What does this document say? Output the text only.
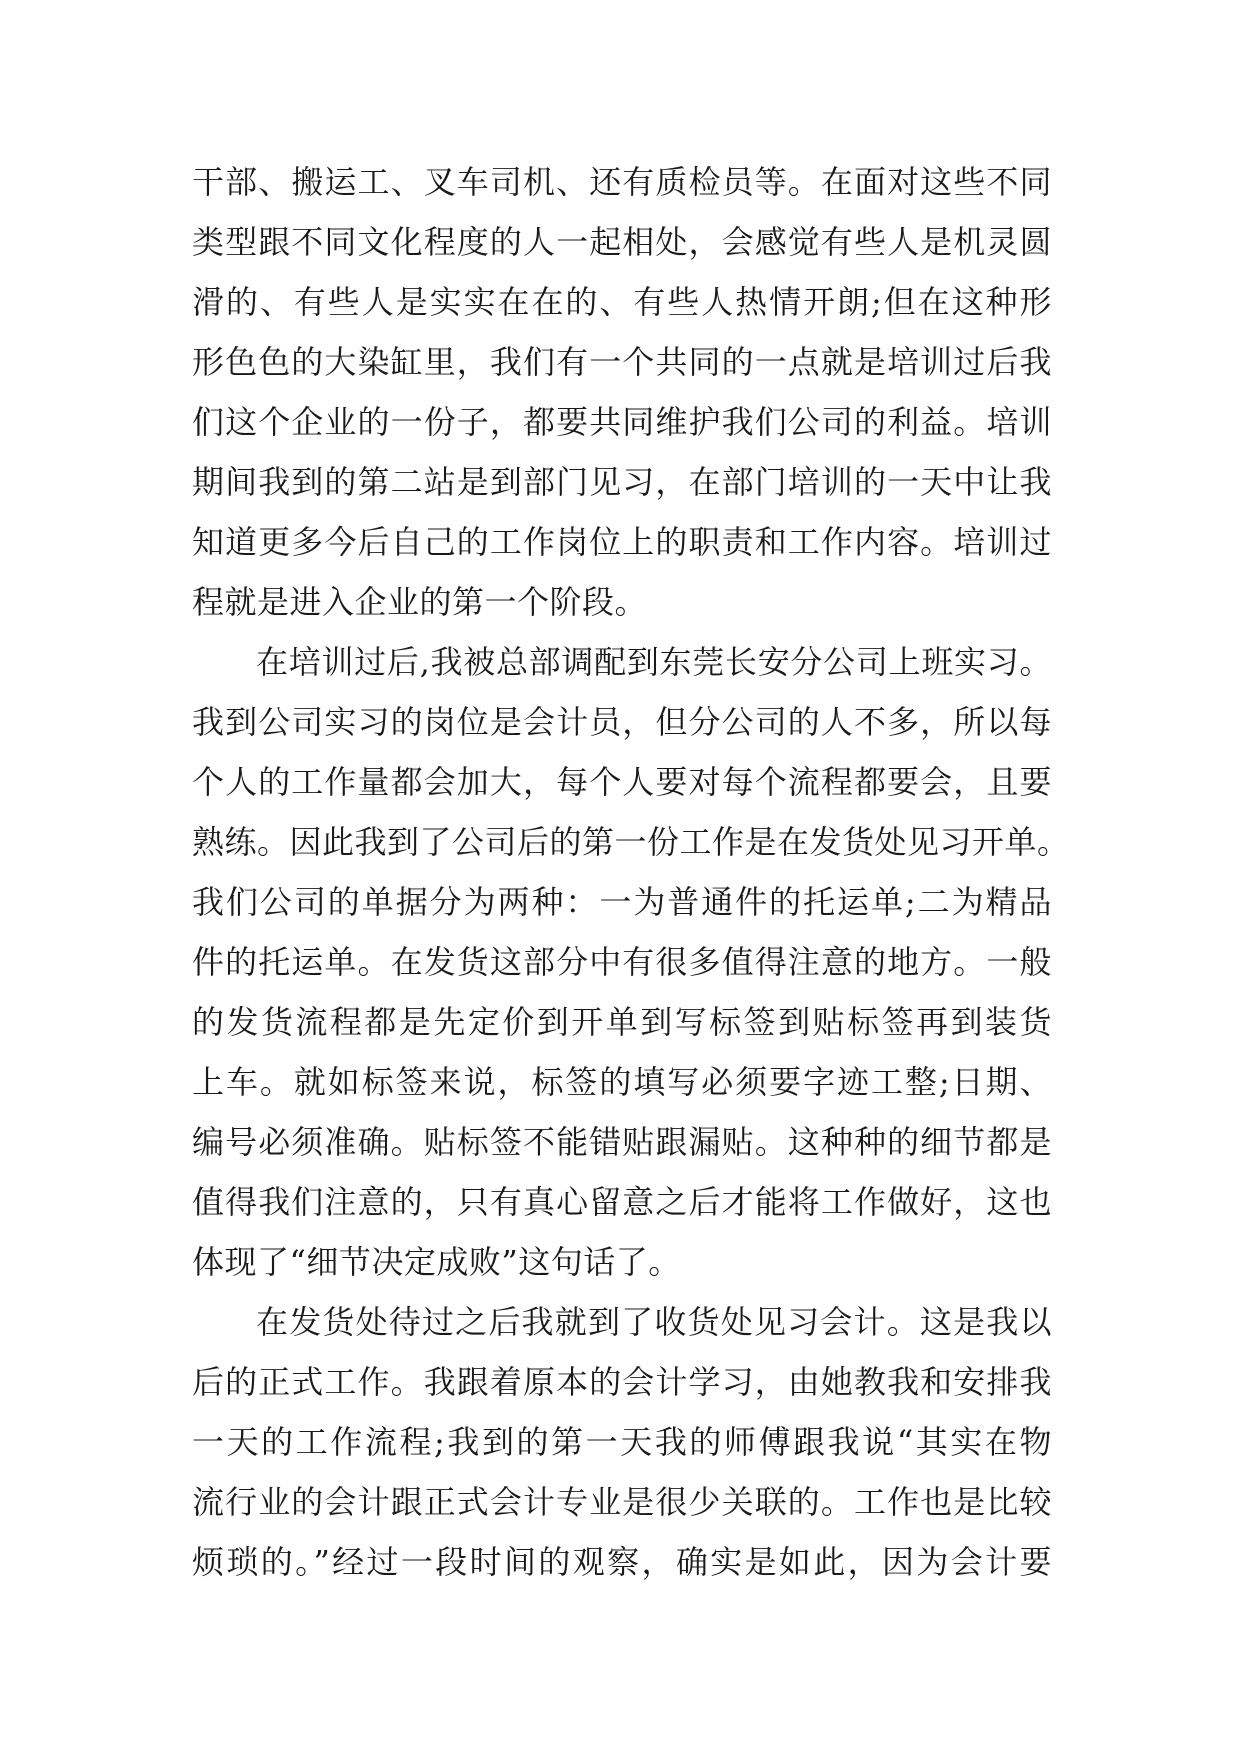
干部、搬运工、叉车司机、还有质检员等。在面对这些不同
类型跟不同文化程度的人一起相处，会感觉有些人是机灵圆
滑的、有些人是实实在在的、有些人热情开朗;但在这种形
形色色的大染缸里，我们有一个共同的一点就是培训过后我
们这个企业的一份子，都要共同维护我们公司的利益。培训
期间我到的第二站是到部门见习，在部门培训的一天中让我
知道更多今后自己的工作岗位上的职责和工作内容。培训过
程就是进入企业的第一个阶段。
在培训过后,我被总部调配到东莞长安分公司上班实习。
我到公司实习的岗位是会计员，但分公司的人不多，所以每
个人的工作量都会加大，每个人要对每个流程都要会，且要
熟练。因此我到了公司后的第一份工作是在发货处见习开单。
我们公司的单据分为两种：一为普通件的托运单;二为精品
件的托运单。在发货这部分中有很多值得注意的地方。一般
的发货流程都是先定价到开单到写标签到贴标签再到装货
上车。就如标签来说，标签的填写必须要字迹工整;日期、
编号必须准确。贴标签不能错贴跟漏贴。这种种的细节都是
值得我们注意的，只有真心留意之后才能将工作做好，这也
体现了“细节决定成败”这句话了。
在发货处待过之后我就到了收货处见习会计。这是我以
后的正式工作。我跟着原本的会计学习，由她教我和安排我
一天的工作流程;我到的第一天我的师傅跟我说“其实在物
流行业的会计跟正式会计专业是很少关联的。工作也是比较
烦琐的。”经过一段时间的观察，确实是如此，因为会计要
